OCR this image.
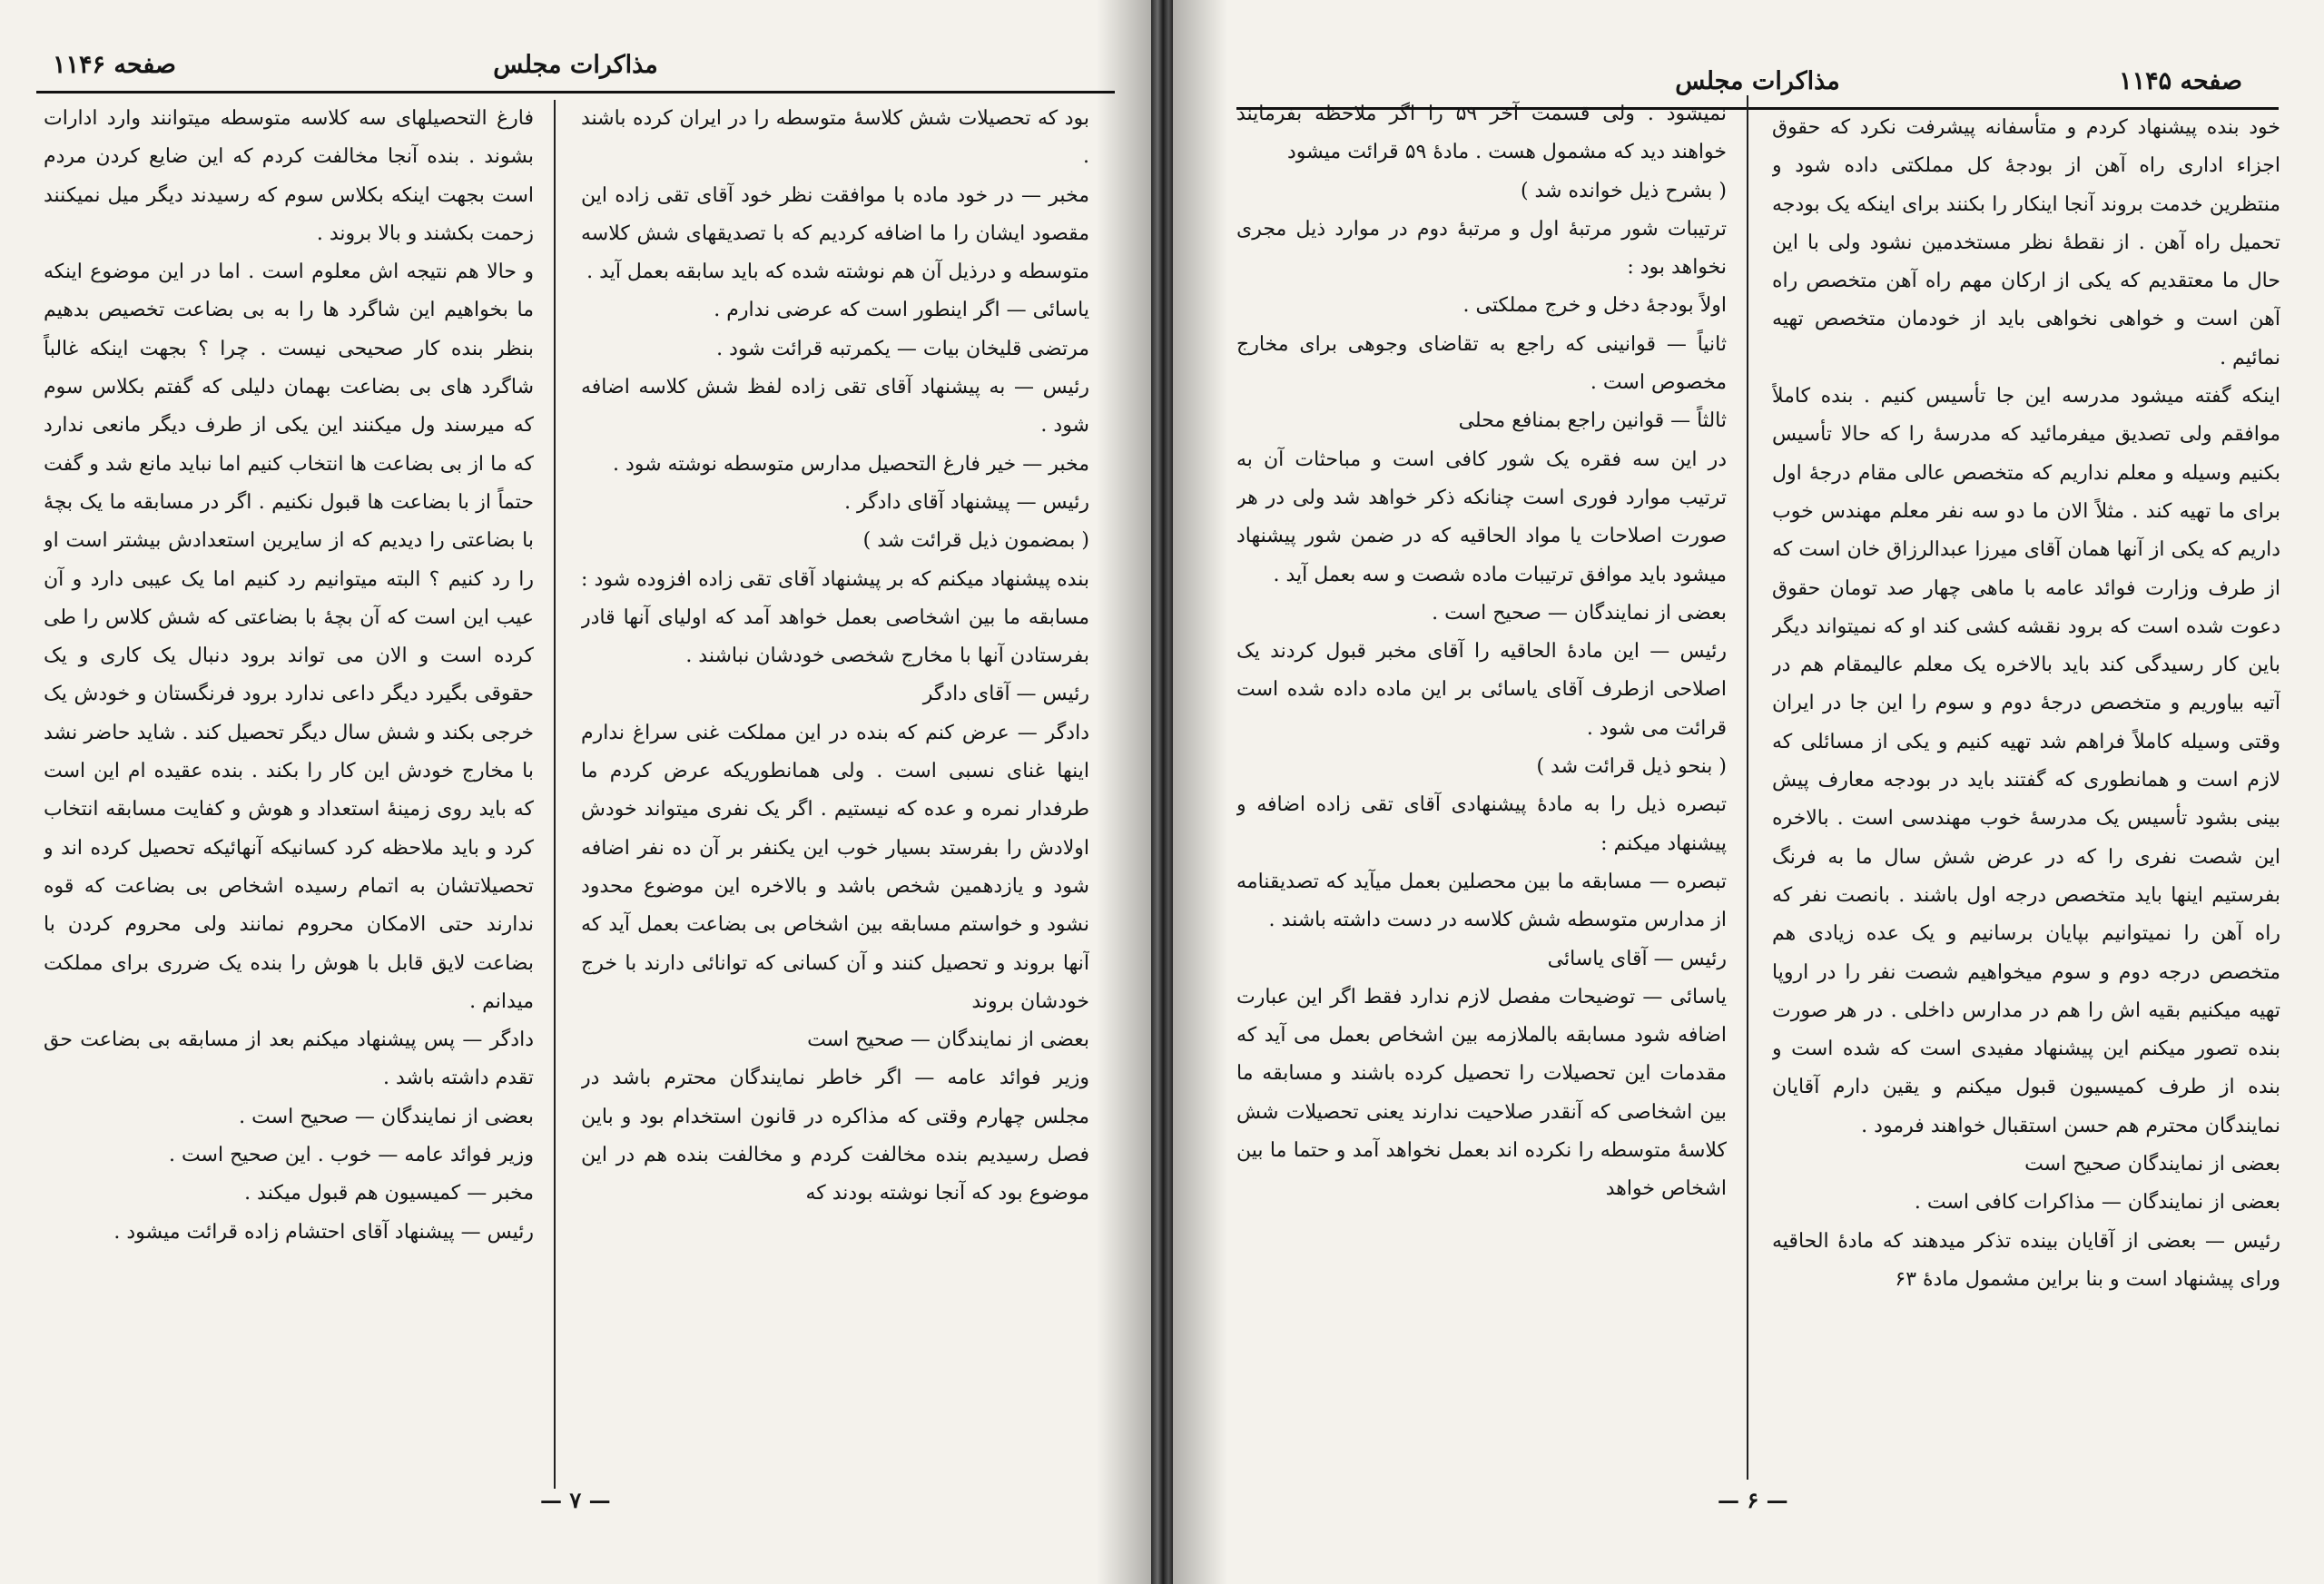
صفحه ۱۱۴۶	مذاکرات مجلس

بود که تحصیلات شش کلاسهٔ متوسطه را در ایران کرده باشند .

مخبر — در خود ماده با موافقت نظر خود آقای تقی زاده این مقصود ایشان را ما اضافه کردیم که با تصدیقهای شش کلاسه متوسطه و درذیل آن هم نوشته شده که باید سابقه بعمل آید .

یاسائی — اگر اینطور است که عرضی ندارم .

مرتضی قلیخان بیات — یکمرتبه قرائت شود .

رئیس — به پیشنهاد آقای تقی زاده لفظ شش کلاسه اضافه شود .

مخبر — خیر فارغ التحصیل مدارس متوسطه نوشته شود .

رئیس — پیشنهاد آقای دادگر .

( بمضمون ذیل قرائت شد )

بنده پیشنهاد میکنم که بر پیشنهاد آقای تقی زاده افزوده شود : مسابقه ما بین اشخاصی بعمل خواهد آمد که اولیای آنها قادر بفرستادن آنها با مخارج شخصی خودشان نباشند .

رئیس — آقای دادگر

دادگر — عرض کنم که بنده در این مملکت غنی سراغ ندارم اینها غنای نسبی است . ولی همانطوریکه عرض کردم ما طرفدار نمره و عده که نیستیم . اگر یک نفری میتواند خودش اولادش را بفرستد بسیار خوب این یکنفر بر آن ده نفر اضافه شود و یازدهمین شخص باشد و بالاخره این موضوع محدود نشود و خواستم مسابقه بین اشخاص بی بضاعت بعمل آید که آنها بروند و تحصیل کنند و آن کسانی که توانائی دارند با خرج خودشان بروند

بعضی از نمایندگان — صحیح است

وزیر فوائد عامه — اگر خاطر نمایندگان محترم باشد در مجلس چهارم وقتی که مذاکره در قانون استخدام بود و باین فصل رسیدیم بنده مخالفت کردم و مخالفت بنده هم در این موضوع بود که آنجا نوشته بودند که

فارغ التحصیلهای سه کلاسه متوسطه میتوانند وارد ادارات بشوند . بنده آنجا مخالفت کردم که این ضایع کردن مردم است بجهت اینکه بکلاس سوم که رسیدند دیگر میل نمیکنند زحمت بکشند و بالا بروند .

و حالا هم نتیجه اش معلوم است . اما در این موضوع اینکه ما بخواهیم این شاگرد ها را به بی بضاعت تخصیص بدهیم بنظر بنده کار صحیحی نیست . چرا ؟ بجهت اینکه غالباً شاگرد های بی بضاعت بهمان دلیلی که گفتم بکلاس سوم که میرسند ول میکنند این یکی از طرف دیگر مانعی ندارد که ما از بی بضاعت ها انتخاب کنیم اما نباید مانع شد و گفت حتماً از با بضاعت ها قبول نکنیم . اگر در مسابقه ما یک بچهٔ با بضاعتی را دیدیم که از سایرین استعدادش بیشتر است او را رد کنیم ؟ البته میتوانیم رد کنیم اما یک عیبی دارد و آن عیب این است که آن بچهٔ با بضاعتی که شش کلاس را طی کرده است و الان می تواند برود دنبال یک کاری و یک حقوقی بگیرد دیگر داعی ندارد برود فرنگستان و خودش یک خرجی بکند و شش سال دیگر تحصیل کند . شاید حاضر نشد با مخارج خودش این کار را بکند . بنده عقیده ام این است که باید روی زمینهٔ استعداد و هوش و کفایت مسابقه انتخاب کرد و باید ملاحظه کرد کسانیکه آنهائیکه تحصیل کرده اند و تحصیلاتشان به اتمام رسیده اشخاص بی بضاعت که قوه ندارند حتی الامکان محروم نمانند ولی محروم کردن با بضاعت لایق قابل با هوش را بنده یک ضرری برای مملکت میدانم .

دادگر — پس پیشنهاد میکنم بعد از مسابقه بی بضاعت حق تقدم داشته باشد .

بعضی از نمایندگان — صحیح است .

وزیر فوائد عامه — خوب . این صحیح است .

مخبر — کمیسیون هم قبول میکند .

رئیس — پیشنهاد آقای احتشام زاده قرائت میشود .

— ۷ —
صفحه ۱۱۴۵
مذاکرات مجلس

خود بنده پیشنهاد کردم و متأسفانه پیشرفت نکرد که حقوق اجزاء اداری راه آهن از بودجهٔ کل مملکتی داده شود و منتظرین خدمت بروند آنجا اینکار را بکنند برای اینکه یک بودجه تحمیل راه آهن . از نقطهٔ نظر مستخدمین نشود ولی با این حال ما معتقدیم که یکی از ارکان مهم راه آهن متخصص راه آهن است و خواهی نخواهی باید از خودمان متخصص تهیه نمائیم .

اینکه گفته میشود مدرسه این جا تأسیس کنیم . بنده کاملاً موافقم ولی تصدیق میفرمائید که مدرسهٔ را که حالا تأسیس بکنیم وسیله و معلم نداریم که متخصص عالی مقام درجهٔ اول برای ما تهیه کند . مثلاً الان ما دو سه نفر معلم مهندس خوب داریم که یکی از آنها همان آقای میرزا عبدالرزاق خان است که از طرف وزارت فوائد عامه با ماهی چهار صد تومان حقوق دعوت شده است که برود نقشه کشی کند او که نمیتواند دیگر باین کار رسیدگی کند باید بالاخره یک معلم عالیمقام هم در آتیه بیاوریم و متخصص درجهٔ دوم و سوم را این جا در ایران وقتی وسیله کاملاً فراهم شد تهیه کنیم و یکی از مسائلی که لازم است و همانطوری که گفتند باید در بودجه معارف پیش بینی بشود تأسیس یک مدرسهٔ خوب مهندسی است . بالاخره این شصت نفری را که در عرض شش سال ما به فرنگ بفرستیم اینها باید متخصص درجه اول باشند . بانصت نفر که راه آهن را نمیتوانیم بپایان برسانیم و یک عده زیادی هم متخصص درجه دوم و سوم میخواهیم شصت نفر را در اروپا تهیه میکنیم بقیه اش را هم در مدارس داخلی . در هر صورت بنده تصور میکنم این پیشنهاد مفیدی است که شده است و بنده از طرف کمیسیون قبول میکنم و یقین دارم آقایان نمایندگان محترم هم حسن استقبال خواهند فرمود .

بعضی از نمایندگان صحیح است

بعضی از نمایندگان — مذاکرات کافی است .

رئیس — بعضی از آقایان بینده تذکر میدهند که مادهٔ الحاقیه ورای پیشنهاد است و بنا براین مشمول مادهٔ ۶۳

نمیشود . ولی قسمت آخر ۵۹ را اگر ملاحظه بفرمایند خواهند دید که مشمول هست . مادهٔ ۵۹ قرائت میشود

( بشرح ذیل خوانده شد )

ترتیبات شور مرتبهٔ اول و مرتبهٔ دوم در موارد ذیل مجری نخواهد بود :

اولاً بودجهٔ دخل و خرج مملکتی .

ثانیاً — قوانینی که راجع به تقاضای وجوهی برای مخارج مخصوص است .

ثالثاً — قوانین راجع بمنافع محلی

در این سه فقره یک شور کافی است و مباحثات آن به ترتیب موارد فوری است چنانکه ذکر خواهد شد ولی در هر صورت اصلاحات یا مواد الحاقیه که در ضمن شور پیشنهاد میشود باید موافق ترتیبات ماده شصت و سه بعمل آید .

بعضی از نمایندگان — صحیح است .

رئیس — این مادهٔ الحاقیه را آقای مخبر قبول کردند یک اصلاحی ازطرف آقای یاسائی بر این ماده داده شده است قرائت می شود .

( بنحو ذیل قرائت شد )

تبصره ذیل را به مادهٔ پیشنهادی آقای تقی زاده اضافه و پیشنهاد میکنم :

تبصره — مسابقه ما بین محصلین بعمل میآید که تصدیقنامه از مدارس متوسطه شش کلاسه در دست داشته باشند .

رئیس — آقای یاسائی

یاسائی — توضیحات مفصل لازم ندارد فقط اگر این عبارت اضافه شود مسابقه بالملازمه بین اشخاص بعمل می آید که مقدمات این تحصیلات را تحصیل کرده باشند و مسابقه ما بین اشخاصی که آنقدر صلاحیت ندارند یعنی تحصیلات شش کلاسهٔ متوسطه را نکرده اند بعمل نخواهد آمد و حتما ما بین اشخاص خواهد

— ۶ —
